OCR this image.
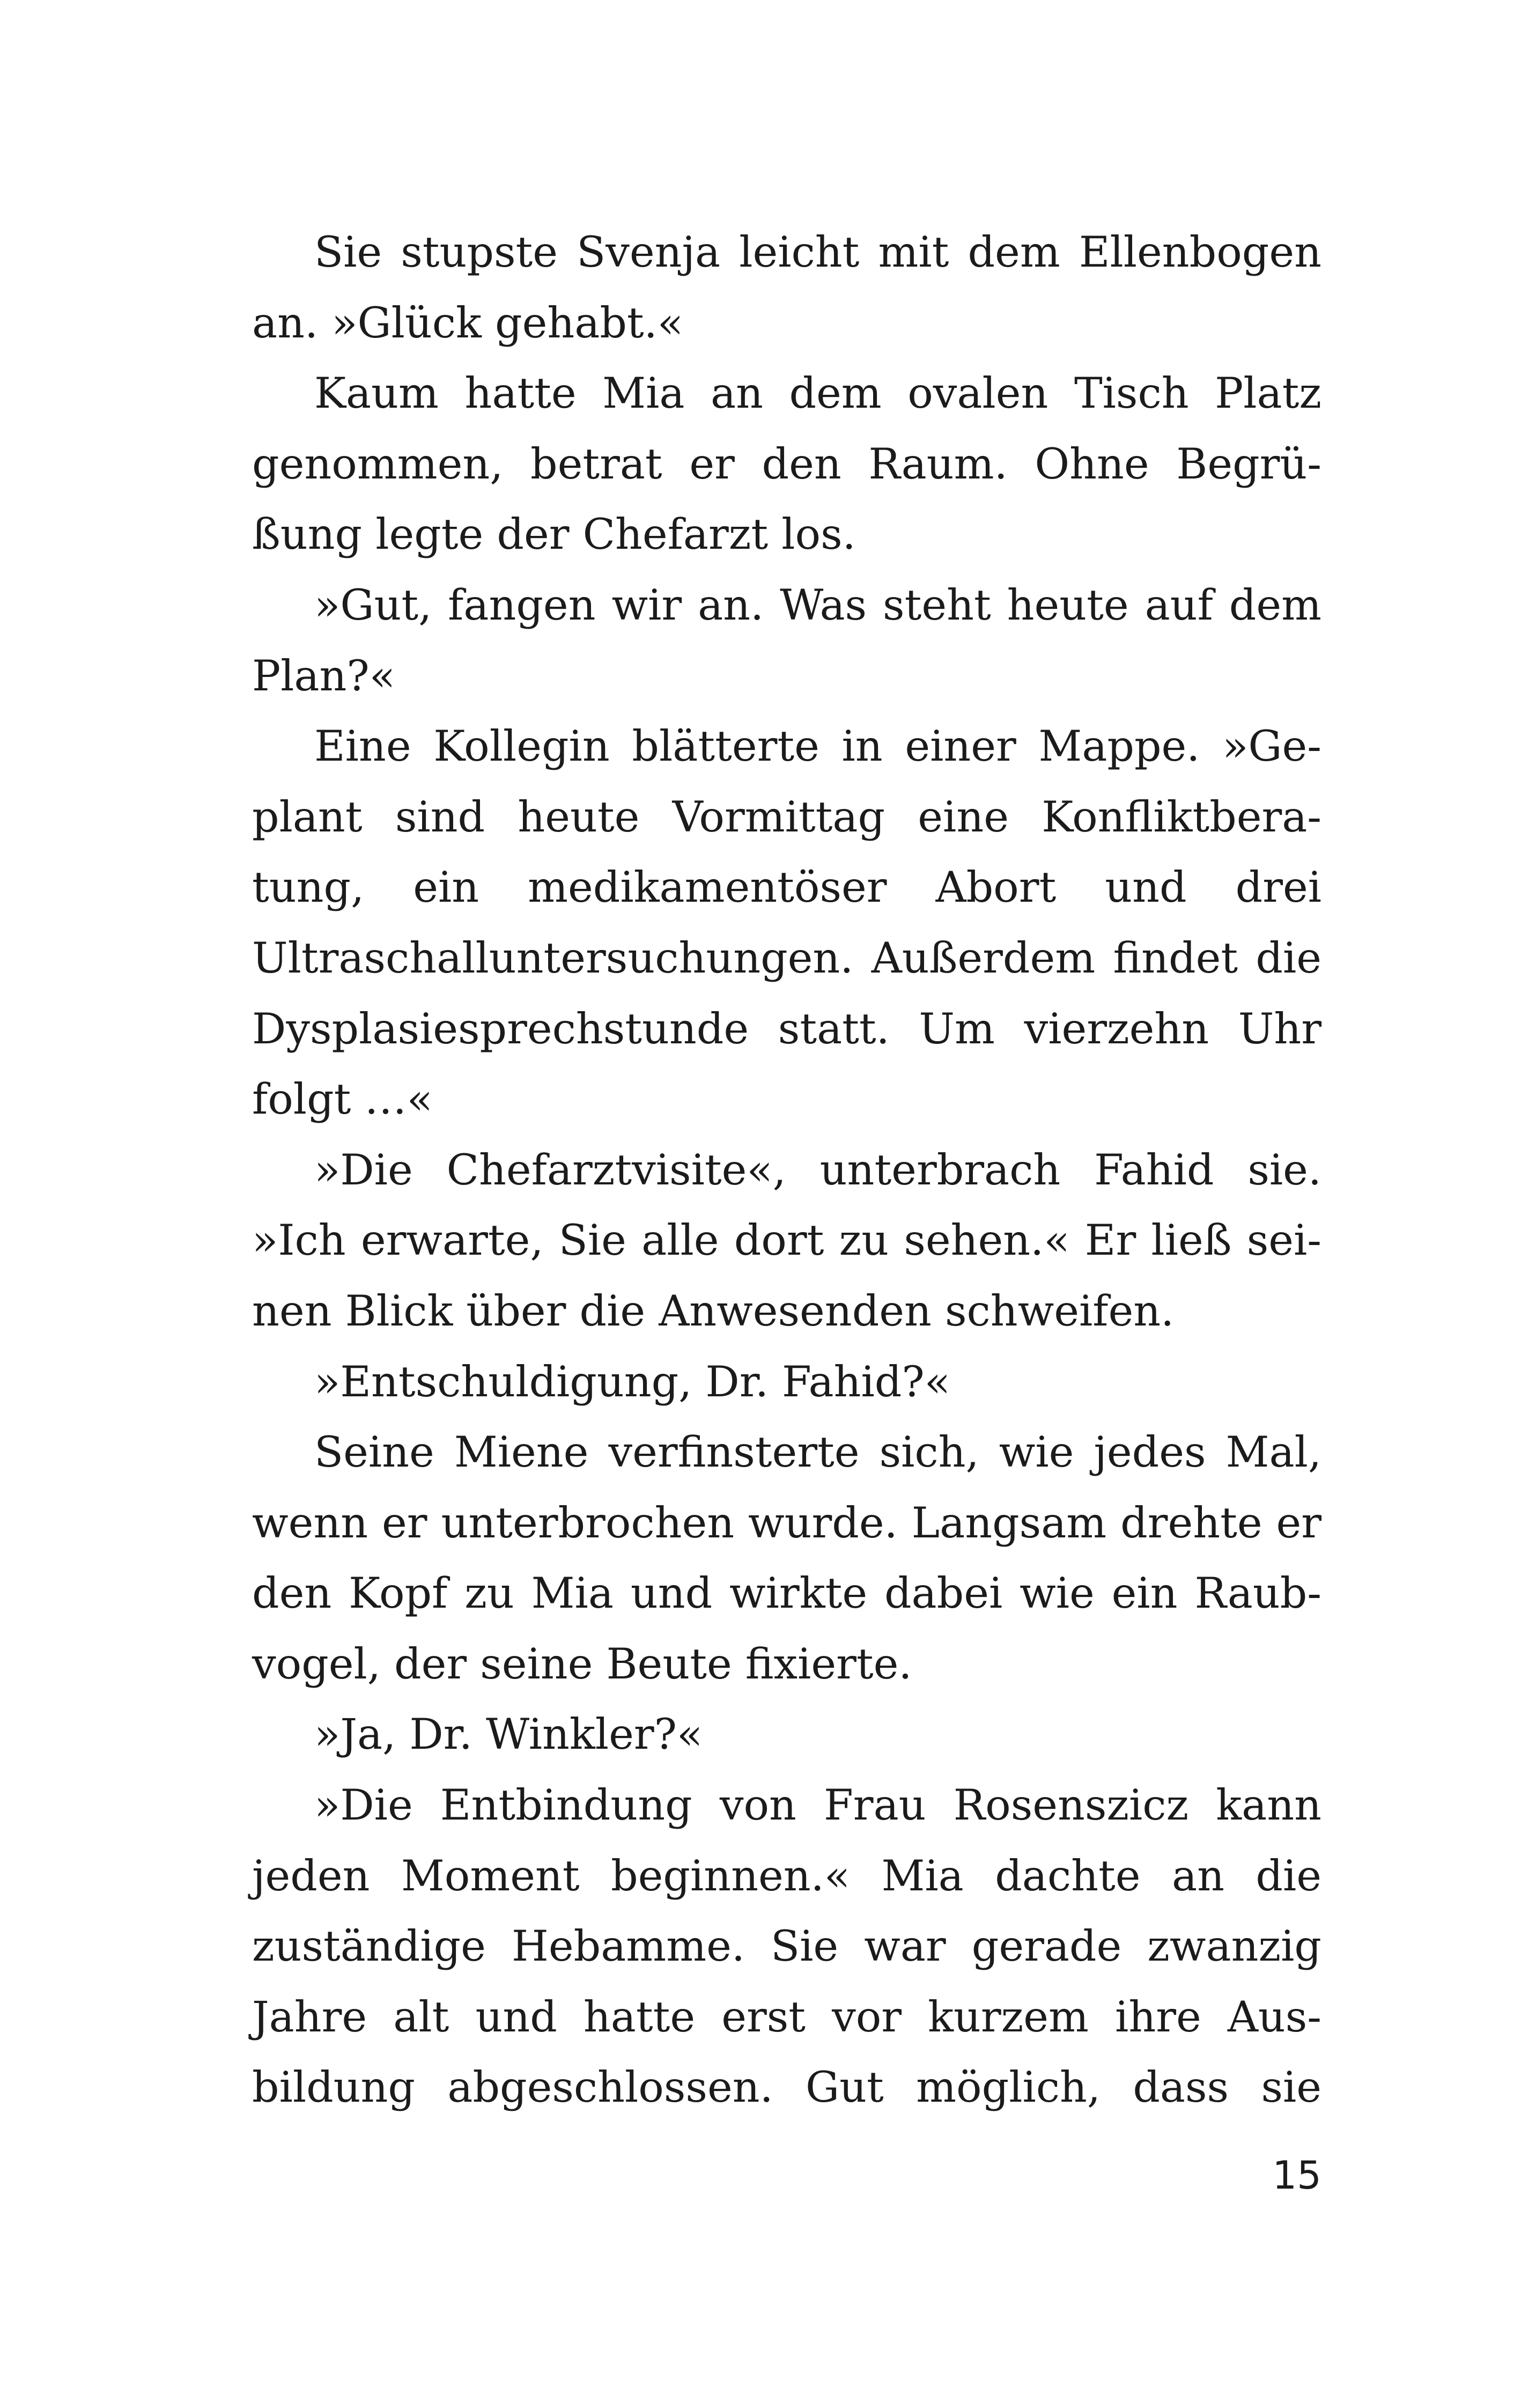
Sie stupste Svenja leicht mit dem Ellenbogen
an. »Glück gehabt.«
Kaum hatte Mia an dem ovalen Tisch Platz
genommen, betrat er den Raum. Ohne Begrü-
ßung legte der Chefarzt los.
»Gut, fangen wir an. Was steht heute auf dem
Plan?«
Eine Kollegin blätterte in einer Mappe. »Ge-
plant sind heute Vormittag eine Konfliktbera-
tung, ein medikamentöser Abort und drei
Ultraschalluntersuchungen. Außerdem findet die
Dysplasiesprechstunde statt. Um vierzehn Uhr
folgt …«
»Die Chefarztvisite«, unterbrach Fahid sie.
»Ich erwarte, Sie alle dort zu sehen.« Er ließ sei-
nen Blick über die Anwesenden schweifen.
»Entschuldigung, Dr. Fahid?«
Seine Miene verfinsterte sich, wie jedes Mal,
wenn er unterbrochen wurde. Langsam drehte er
den Kopf zu Mia und wirkte dabei wie ein Raub-
vogel, der seine Beute fixierte.
»Ja, Dr. Winkler?«
»Die Entbindung von Frau Rosenszicz kann
jeden Moment beginnen.« Mia dachte an die
zuständige Hebamme. Sie war gerade zwanzig
Jahre alt und hatte erst vor kurzem ihre Aus-
bildung abgeschlossen. Gut möglich, dass sie
15
